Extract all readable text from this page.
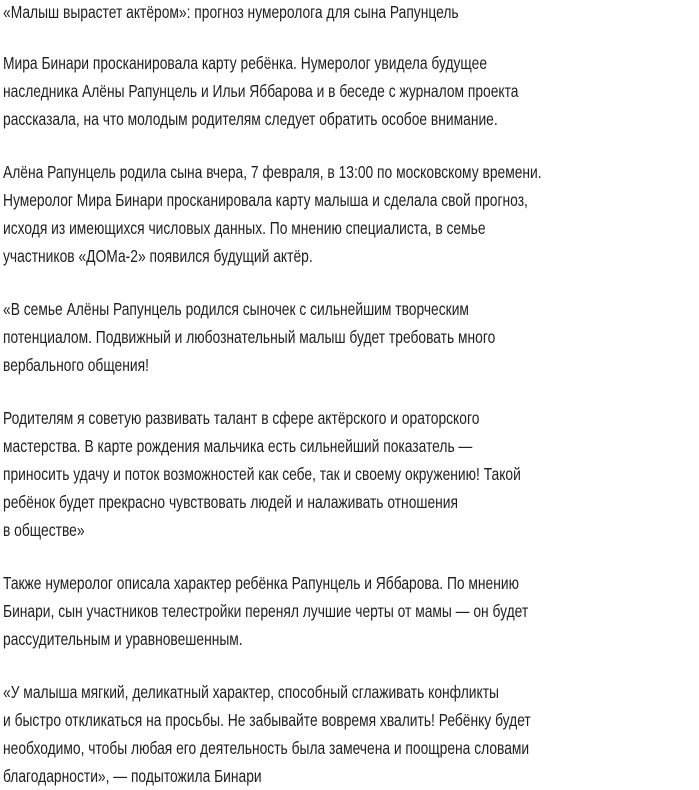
«Малыш вырастет актёром»: прогноз нумеролога для сына Рапунцель

Мира Бинари просканировала карту ребёнка. Нумеролог увидела будущее
наследника Алёны Рапунцель и Ильи Яббарова и в беседе с журналом проекта
рассказала, на что молодым родителям следует обратить особое внимание.

Алёна Рапунцель родила сына вчера, 7 февраля, в 13:00 по московскому времени.
Нумеролог Мира Бинари просканировала карту малыша и сделала свой прогноз,
исходя из имеющихся числовых данных. По мнению специалиста, в семье
участников «ДОМа-2» появился будущий актёр.

«В семье Алёны Рапунцель родился сыночек с сильнейшим творческим
потенциалом. Подвижный и любознательный малыш будет требовать много
вербального общения!

Родителям я советую развивать талант в сфере актёрского и ораторского
мастерства. В карте рождения мальчика есть сильнейший показатель —
приносить удачу и поток возможностей как себе, так и своему окружению! Такой
ребёнок будет прекрасно чувствовать людей и налаживать отношения
в обществе»

Также нумеролог описала характер ребёнка Рапунцель и Яббарова. По мнению
Бинари, сын участников телестройки перенял лучшие черты от мамы — он будет
рассудительным и уравновешенным.

«У малыша мягкий, деликатный характер, способный сглаживать конфликты
и быстро откликаться на просьбы. Не забывайте вовремя хвалить! Ребёнку будет
необходимо, чтобы любая его деятельность была замечена и поощрена словами
благодарности», — подытожила Бинари
